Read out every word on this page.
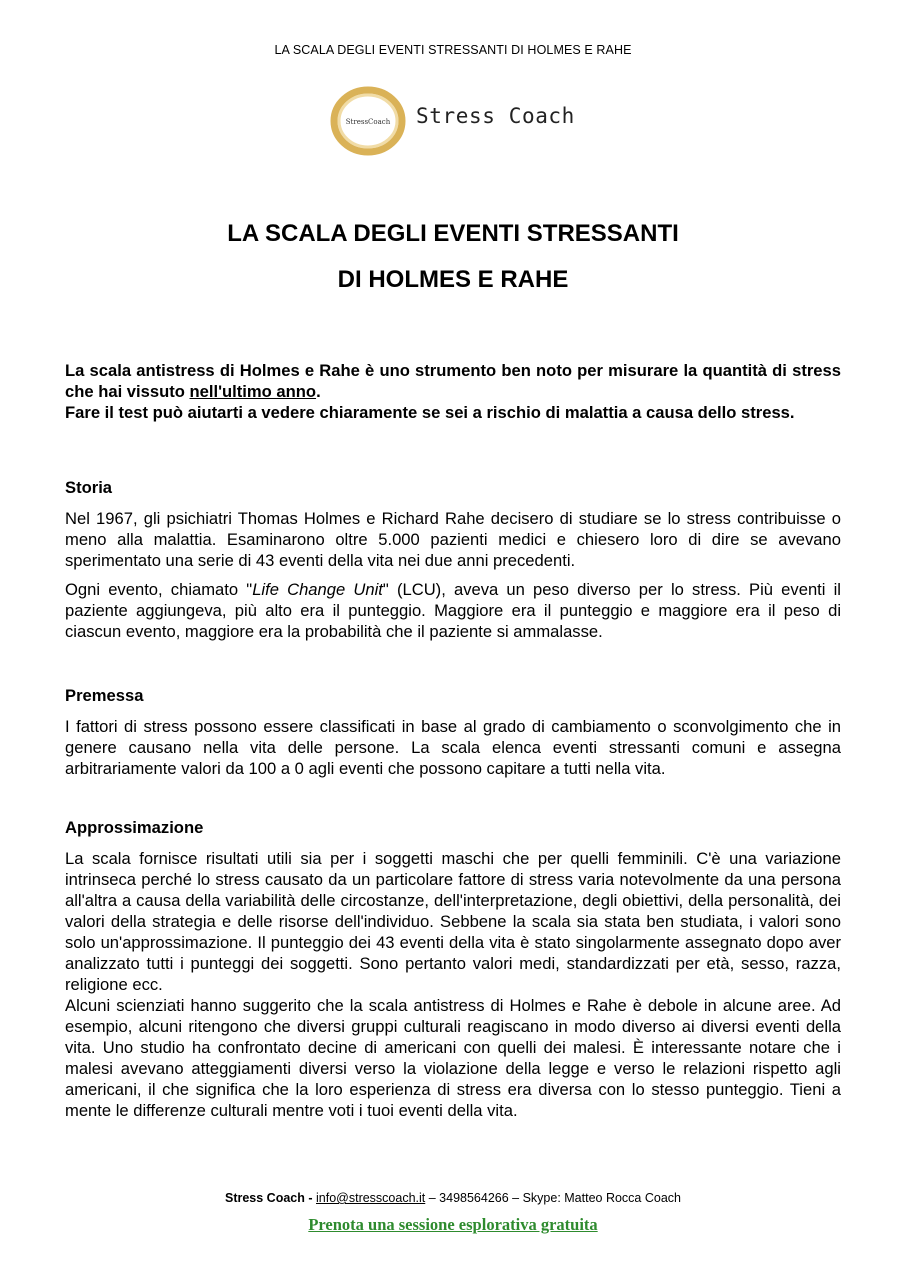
LA SCALA DEGLI EVENTI STRESSANTI DI HOLMES E RAHE
StressCoach Stress Coach
LA SCALA DEGLI EVENTI STRESSANTI
DI HOLMES E RAHE

La scala antistress di Holmes e Rahe è uno strumento ben noto per misurare la quantità di stress che hai vissuto nell'ultimo anno.

Fare il test può aiutarti a vedere chiaramente se sei a rischio di malattia a causa dello stress.

Storia

Nel 1967, gli psichiatri Thomas Holmes e Richard Rahe decisero di studiare se lo stress contribuisse o meno alla malattia. Esaminarono oltre 5.000 pazienti medici e chiesero loro di dire se avevano sperimentato una serie di 43 eventi della vita nei due anni precedenti.

Ogni evento, chiamato "Life Change Unit" (LCU), aveva un peso diverso per lo stress. Più eventi il paziente aggiungeva, più alto era il punteggio. Maggiore era il punteggio e maggiore era il peso di ciascun evento, maggiore era la probabilità che il paziente si ammalasse.

Premessa

I fattori di stress possono essere classificati in base al grado di cambiamento o sconvolgimento che in genere causano nella vita delle persone. La scala elenca eventi stressanti comuni e assegna arbitrariamente valori da 100 a 0 agli eventi che possono capitare a tutti nella vita.

Approssimazione

La scala fornisce risultati utili sia per i soggetti maschi che per quelli femminili. C'è una variazione intrinseca perché lo stress causato da un particolare fattore di stress varia notevolmente da una persona all'altra a causa della variabilità delle circostanze, dell'interpretazione, degli obiettivi, della personalità, dei valori della strategia e delle risorse dell'individuo. Sebbene la scala sia stata ben studiata, i valori sono solo un'approssimazione. Il punteggio dei 43 eventi della vita è stato singolarmente assegnato dopo aver analizzato tutti i punteggi dei soggetti. Sono pertanto valori medi, standardizzati per età, sesso, razza, religione ecc.

Alcuni scienziati hanno suggerito che la scala antistress di Holmes e Rahe è debole in alcune aree. Ad esempio, alcuni ritengono che diversi gruppi culturali reagiscano in modo diverso ai diversi eventi della vita. Uno studio ha confrontato decine di americani con quelli dei malesi. È interessante notare che i malesi avevano atteggiamenti diversi verso la violazione della legge e verso le relazioni rispetto agli americani, il che significa che la loro esperienza di stress era diversa con lo stesso punteggio. Tieni a mente le differenze culturali mentre voti i tuoi eventi della vita.

Stress Coach - info@stresscoach.it – 3498564266 – Skype: Matteo Rocca Coach
Prenota una sessione esplorativa gratuita
